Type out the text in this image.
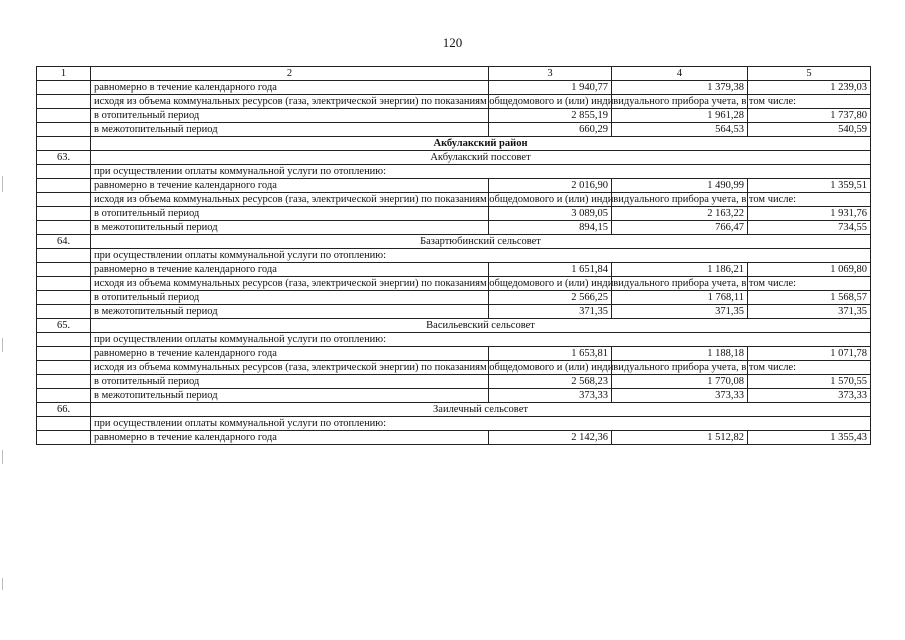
120
1	2	3	4	5
	равномерно в течение календарного года	1 940,77	1 379,38	1 239,03
	исходя из объема коммунальных ресурсов (газа, электрической энергии) по показаниям общедомового и (или) индивидуального прибора учета, в том числе:			
	в отопительный период	2 855,19	1 961,28	1 737,80
	в межотопительный период	660,29	564,53	540,59
	Акбулакский район			
63.	Акбулакский поссовет			
	при осуществлении оплаты коммунальной услуги по отоплению:			
	равномерно в течение календарного года	2 016,90	1 490,99	1 359,51
	исходя из объема коммунальных ресурсов (газа, электрической энергии) по показаниям общедомового и (или) индивидуального прибора учета, в том числе:			
	в отопительный период	3 089,05	2 163,22	1 931,76
	в межотопительный период	894,15	766,47	734,55
64.	Базартюбинский сельсовет			
	при осуществлении оплаты коммунальной услуги по отоплению:			
	равномерно в течение календарного года	1 651,84	1 186,21	1 069,80
	исходя из объема коммунальных ресурсов (газа, электрической энергии) по показаниям общедомового и (или) индивидуального прибора учета, в том числе:			
	в отопительный период	2 566,25	1 768,11	1 568,57
	в межотопительный период	371,35	371,35	371,35
65.	Васильевский сельсовет			
	при осуществлении оплаты коммунальной услуги по отоплению:			
	равномерно в течение календарного года	1 653,81	1 188,18	1 071,78
	исходя из объема коммунальных ресурсов (газа, электрической энергии) по показаниям общедомового и (или) индивидуального прибора учета, в том числе:			
	в отопительный период	2 568,23	1 770,08	1 570,55
	в межотопительный период	373,33	373,33	373,33
66.	Заилечный сельсовет			
	при осуществлении оплаты коммунальной услуги по отоплению:			
	равномерно в течение календарного года	2 142,36	1 512,82	1 355,43
